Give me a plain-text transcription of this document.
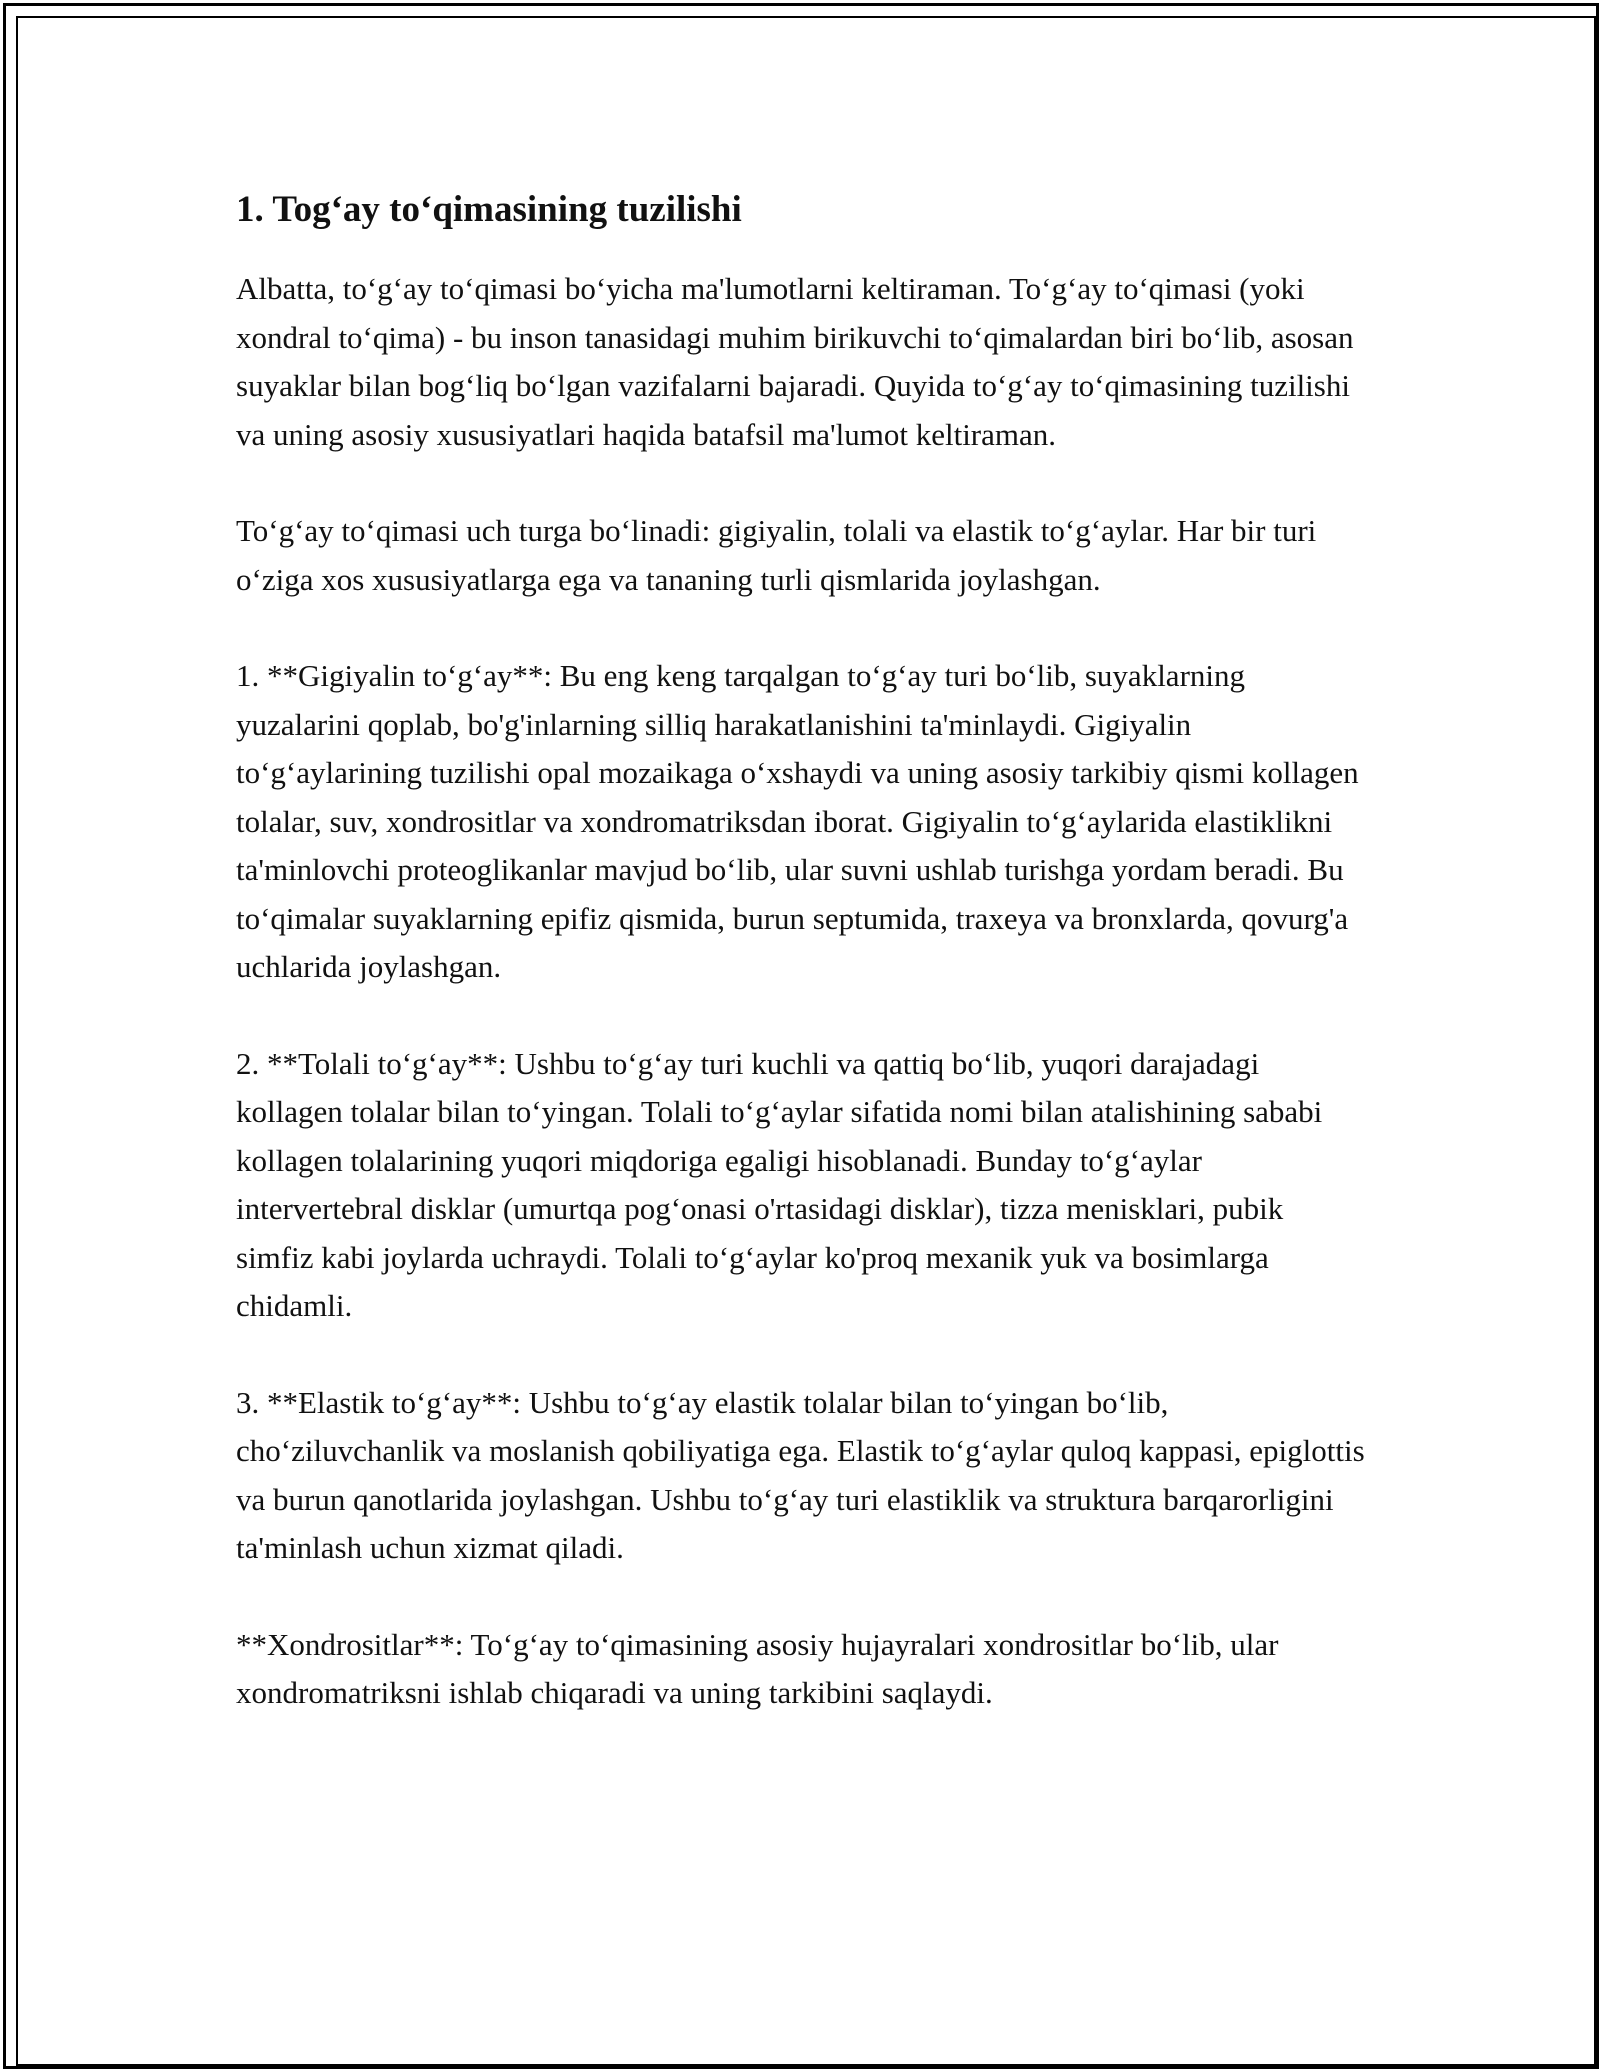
1. Tog‘ay to‘qimasining tuzilishi

Albatta, to‘g‘ay to‘qimasi bo‘yicha ma'lumotlarni keltiraman. To‘g‘ay to‘qimasi (yoki xondral to‘qima) - bu inson tanasidagi muhim birikuvchi to‘qimalardan biri bo‘lib, asosan suyaklar bilan bog‘liq bo‘lgan vazifalarni bajaradi. Quyida to‘g‘ay to‘qimasining tuzilishi va uning asosiy xususiyatlari haqida batafsil ma'lumot keltiraman.

To‘g‘ay to‘qimasi uch turga bo‘linadi: gigiyalin, tolali va elastik to‘g‘aylar. Har bir turi o‘ziga xos xususiyatlarga ega va tananing turli qismlarida joylashgan.

1. **Gigiyalin to‘g‘ay**: Bu eng keng tarqalgan to‘g‘ay turi bo‘lib, suyaklarning yuzalarini qoplab, bo'g'inlarning silliq harakatlanishini ta'minlaydi. Gigiyalin to‘g‘aylarining tuzilishi opal mozaikaga o‘xshaydi va uning asosiy tarkibiy qismi kollagen tolalar, suv, xondrositlar va xondromatriksdan iborat. Gigiyalin to‘g‘aylarida elastiklikni ta'minlovchi proteoglikanlar mavjud bo‘lib, ular suvni ushlab turishga yordam beradi. Bu to‘qimalar suyaklarning epifiz qismida, burun septumida, traxeya va bronxlarda, qovurg'a uchlarida joylashgan.

2. **Tolali to‘g‘ay**: Ushbu to‘g‘ay turi kuchli va qattiq bo‘lib, yuqori darajadagi kollagen tolalar bilan to‘yingan. Tolali to‘g‘aylar sifatida nomi bilan atalishining sababi kollagen tolalarining yuqori miqdoriga egaligi hisoblanadi. Bunday to‘g‘aylar intervertebral disklar (umurtqa pog‘onasi o'rtasidagi disklar), tizza menisklari, pubik simfiz kabi joylarda uchraydi. Tolali to‘g‘aylar ko'proq mexanik yuk va bosimlarga chidamli.

3. **Elastik to‘g‘ay**: Ushbu to‘g‘ay elastik tolalar bilan to‘yingan bo‘lib, cho‘ziluvchanlik va moslanish qobiliyatiga ega. Elastik to‘g‘aylar quloq kappasi, epiglottis va burun qanotlarida joylashgan. Ushbu to‘g‘ay turi elastiklik va struktura barqarorligini ta'minlash uchun xizmat qiladi.

**Xondrositlar**: To‘g‘ay to‘qimasining asosiy hujayralari xondrositlar bo‘lib, ular xondromatriksni ishlab chiqaradi va uning tarkibini saqlaydi.
